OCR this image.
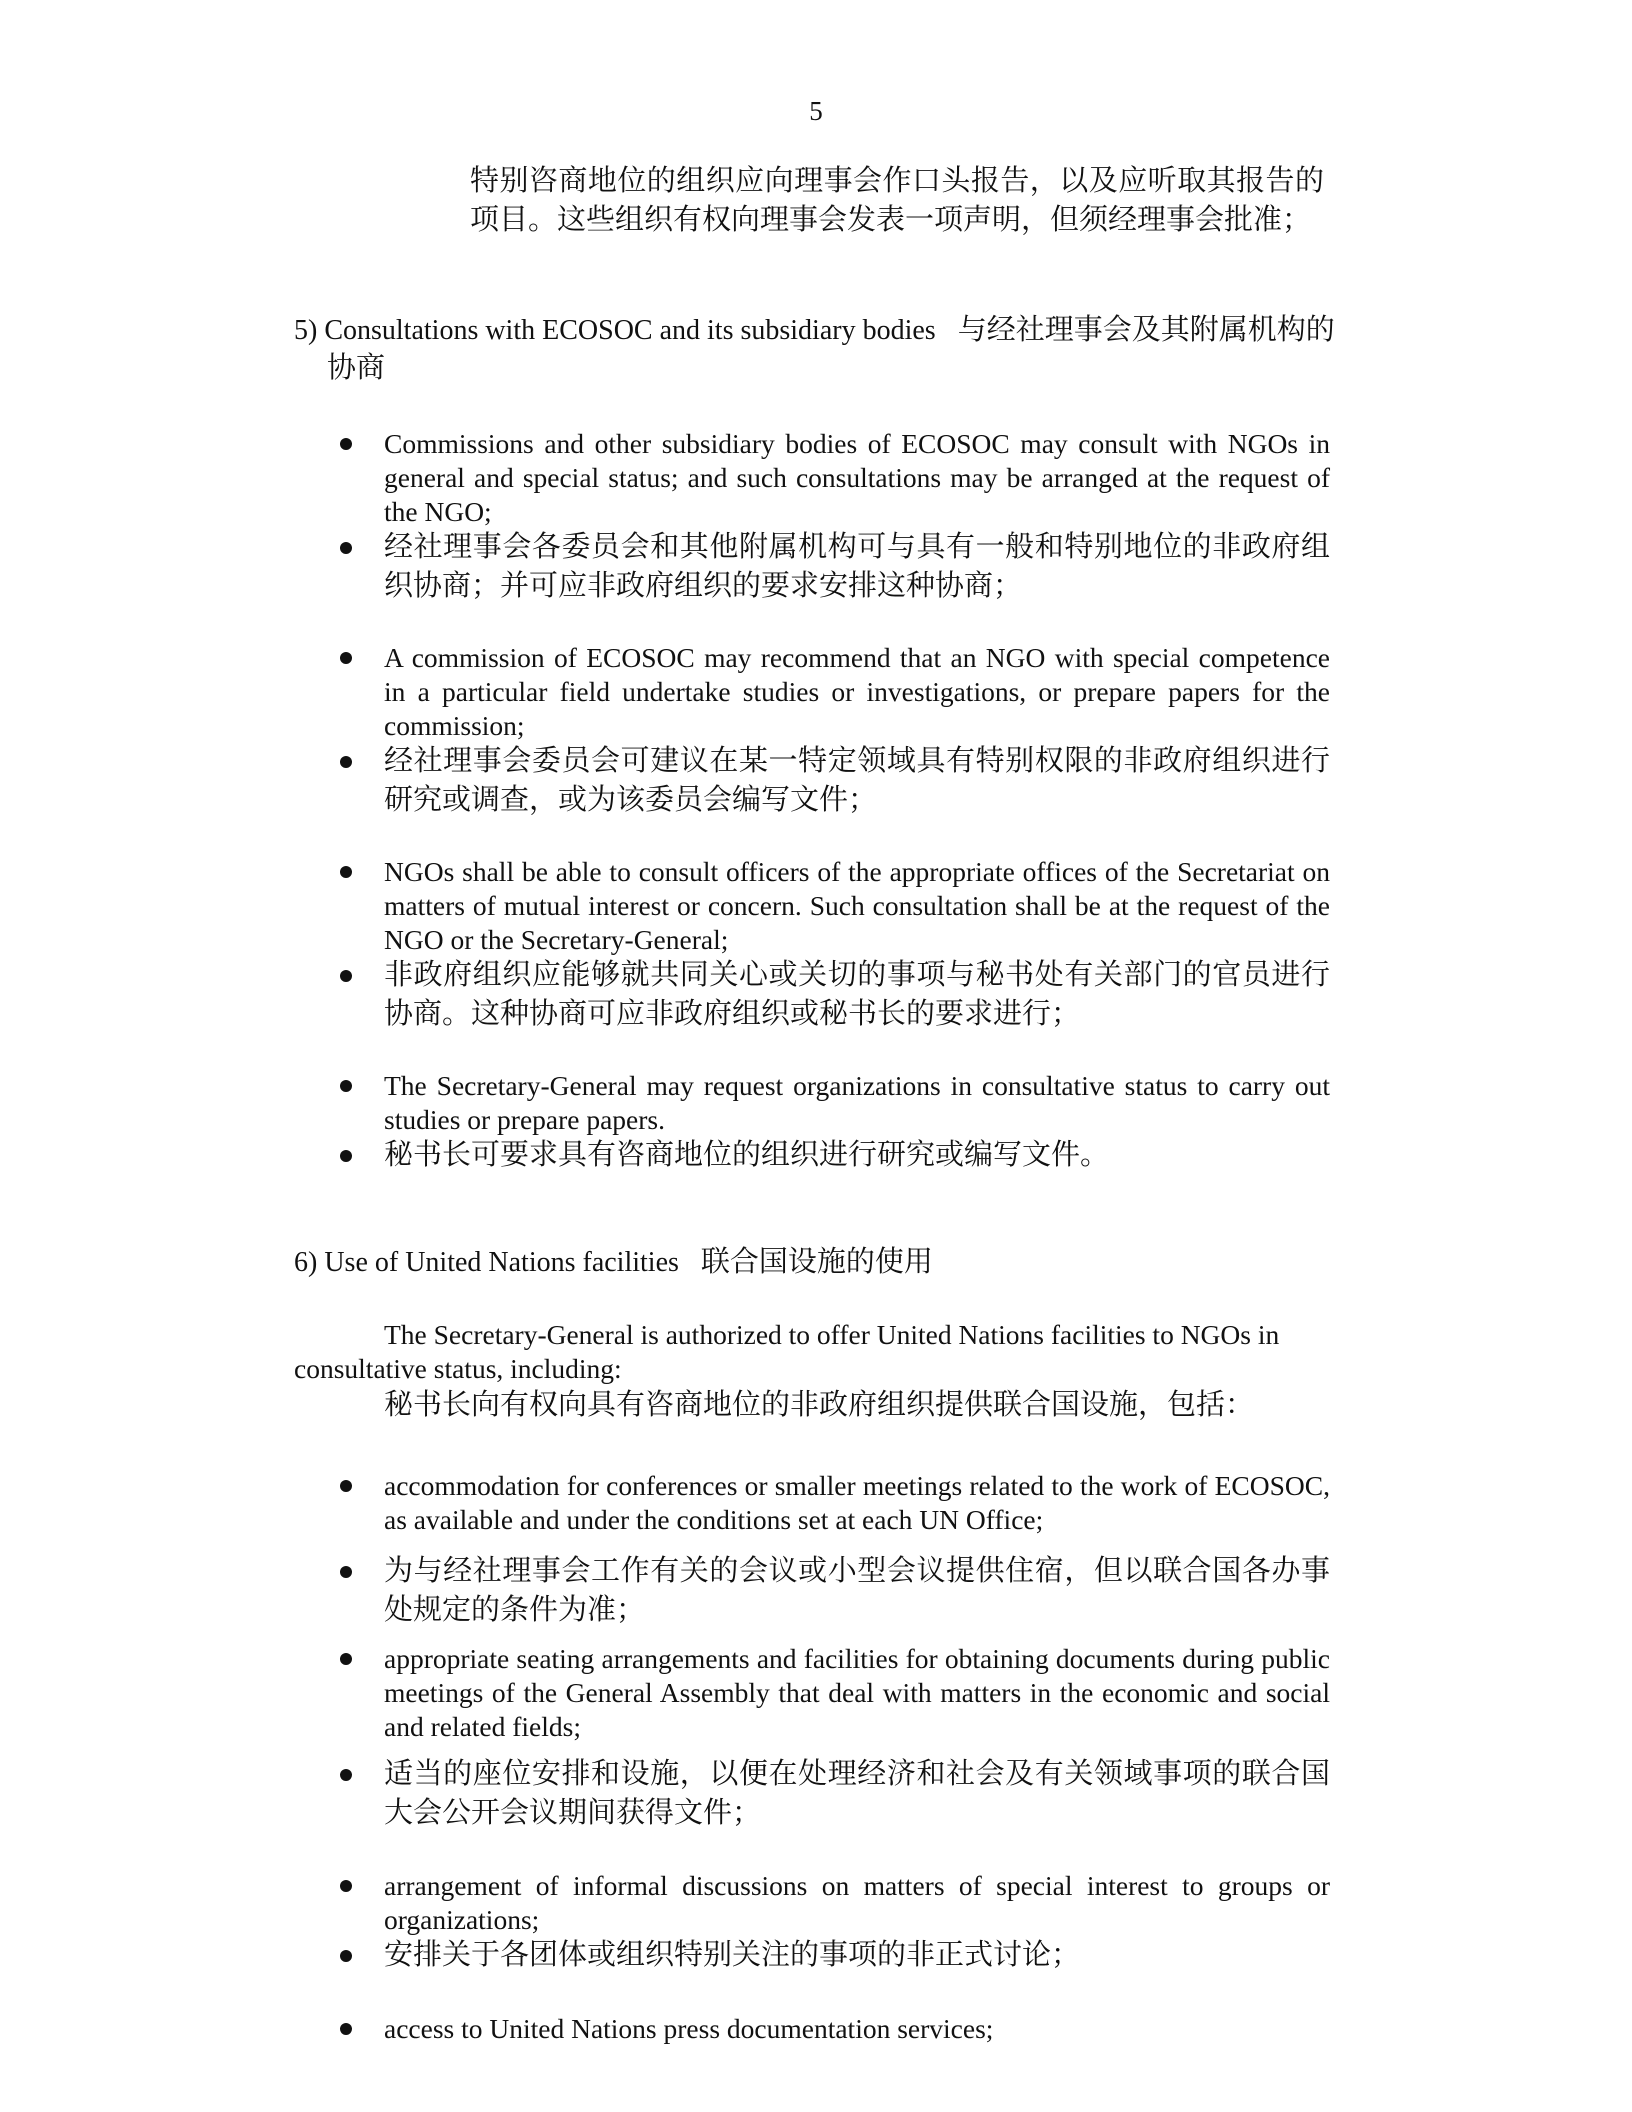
5
特别咨商地位的组织应向理事会作口头报告，以及应听取其报告的项目。这些组织有权向理事会发表一项声明，但须经理事会批准；
5) Consultations with ECOSOC and its subsidiary bodies 与经社理事会及其附属机构的
协商
Commissions and other subsidiary bodies of ECOSOC may consult with NGOs in general and special status; and such consultations may be arranged at the request of the NGO;
经社理事会各委员会和其他附属机构可与具有一般和特别地位的非政府组织协商；并可应非政府组织的要求安排这种协商；
A commission of ECOSOC may recommend that an NGO with special competence in a particular field undertake studies or investigations, or prepare papers for the commission;
经社理事会委员会可建议在某一特定领域具有特别权限的非政府组织进行研究或调查，或为该委员会编写文件；
NGOs shall be able to consult officers of the appropriate offices of the Secretariat on matters of mutual interest or concern. Such consultation shall be at the request of the NGO or the Secretary-General;
非政府组织应能够就共同关心或关切的事项与秘书处有关部门的官员进行协商。这种协商可应非政府组织或秘书长的要求进行；
The Secretary-General may request organizations in consultative status to carry out studies or prepare papers.
秘书长可要求具有咨商地位的组织进行研究或编写文件。
6) Use of United Nations facilities 联合国设施的使用
The Secretary-General is authorized to offer United Nations facilities to NGOs in consultative status, including:
秘书长向有权向具有咨商地位的非政府组织提供联合国设施，包括：
accommodation for conferences or smaller meetings related to the work of ECOSOC, as available and under the conditions set at each UN Office;
为与经社理事会工作有关的会议或小型会议提供住宿，但以联合国各办事处规定的条件为准；
appropriate seating arrangements and facilities for obtaining documents during public meetings of the General Assembly that deal with matters in the economic and social and related fields;
适当的座位安排和设施，以便在处理经济和社会及有关领域事项的联合国大会公开会议期间获得文件；
arrangement of informal discussions on matters of special interest to groups or organizations;
安排关于各团体或组织特别关注的事项的非正式讨论；
access to United Nations press documentation services;
